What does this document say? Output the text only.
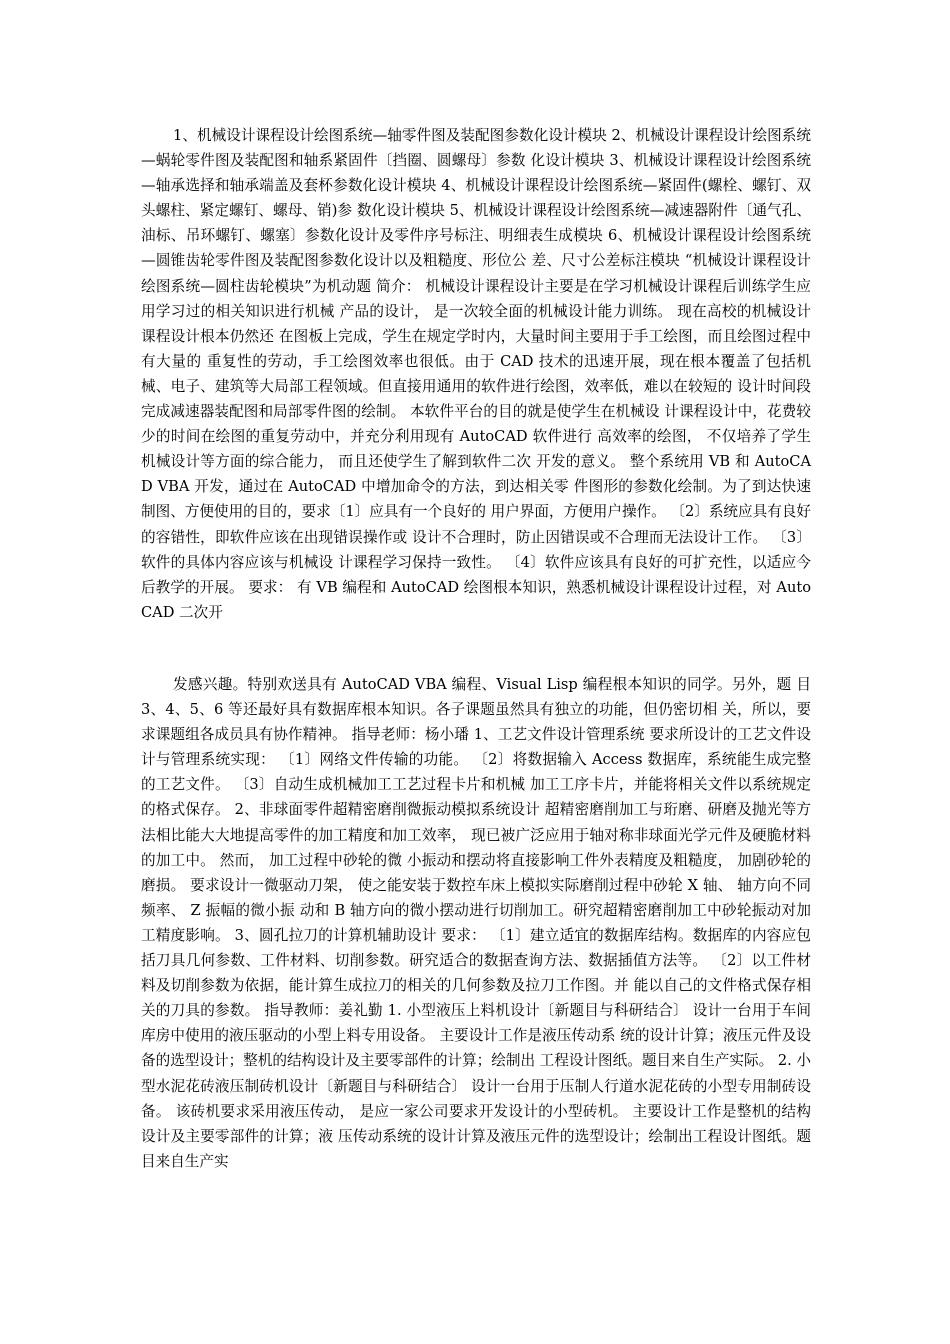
1、机械设计课程设计绘图系统—轴零件图及装配图参数化设计模块 2、机械设计课程设计绘图系统—蜗轮零件图及装配图和轴系紧固件〔挡圈、圆螺母〕参数 化设计模块 3、机械设计课程设计绘图系统—轴承选择和轴承端盖及套杯参数化设计模块 4、机械设计课程设计绘图系统—紧固件(螺栓、螺钉、双头螺柱、紧定螺钉、螺母、销)参 数化设计模块 5、机械设计课程设计绘图系统—减速器附件〔通气孔、油标、吊环螺钉、螺塞〕参数化设计及零件序号标注、明细表生成模块 6、机械设计课程设计绘图系统—圆锥齿轮零件图及装配图参数化设计以及粗糙度、形位公 差、尺寸公差标注模块 “机械设计课程设计绘图系统—圆柱齿轮模块”为机动题 简介： 机械设计课程设计主要是在学习机械设计课程后训练学生应用学习过的相关知识进行机械 产品的设计， 是一次较全面的机械设计能力训练。 现在高校的机械设计课程设计根本仍然还 在图板上完成，学生在规定学时内，大量时间主要用于手工绘图，而且绘图过程中有大量的 重复性的劳动，手工绘图效率也很低。由于 CAD 技术的迅速开展，现在根本覆盖了包括机 械、电子、建筑等大局部工程领域。但直接用通用的软件进行绘图，效率低，难以在较短的 设计时间段完成减速器装配图和局部零件图的绘制。 本软件平台的目的就是使学生在机械设 计课程设计中，花费较少的时间在绘图的重复劳动中，并充分利用现有 AutoCAD 软件进行 高效率的绘图， 不仅培养了学生机械设计等方面的综合能力， 而且还使学生了解到软件二次 开发的意义。 整个系统用 VB 和 AutoCAD VBA 开发，通过在 AutoCAD 中增加命令的方法，到达相关零 件图形的参数化绘制。为了到达快速制图、方便使用的目的，要求〔1〕应具有一个良好的 用户界面，方便用户操作。 〔2〕系统应具有良好的容错性，即软件应该在出现错误操作或 设计不合理时，防止因错误或不合理而无法设计工作。 〔3〕软件的具体内容应该与机械设 计课程学习保持一致性。 〔4〕软件应该具有良好的可扩充性，以适应今后教学的开展。 要求： 有 VB 编程和 AutoCAD 绘图根本知识，熟悉机械设计课程设计过程，对 AutoCAD 二次开

发感兴趣。特别欢送具有 AutoCAD VBA 编程、Visual Lisp 编程根本知识的同学。另外，题 目 3、4、5、6 等还最好具有数据库根本知识。各子课题虽然具有独立的功能，但仍密切相 关，所以，要求课题组各成员具有协作精神。 指导老师：杨小璠 1、工艺文件设计管理系统 要求所设计的工艺文件设计与管理系统实现： 〔1〕网络文件传输的功能。 〔2〕将数据输入 Access 数据库，系统能生成完整的工艺文件。 〔3〕自动生成机械加工工艺过程卡片和机械 加工工序卡片，并能将相关文件以系统规定的格式保存。 2、非球面零件超精密磨削微振动模拟系统设计 超精密磨削加工与珩磨、研磨及抛光等方法相比能大大地提高零件的加工精度和加工效率， 现已被广泛应用于轴对称非球面光学元件及硬脆材料的加工中。 然而， 加工过程中砂轮的微 小振动和摆动将直接影响工件外表精度及粗糙度， 加剧砂轮的磨损。 要求设计一微驱动刀架， 使之能安装于数控车床上模拟实际磨削过程中砂轮 X 轴、 轴方向不同频率、 Z 振幅的微小振 动和 B 轴方向的微小摆动进行切削加工。研究超精密磨削加工中砂轮振动对加工精度影响。 3、圆孔拉刀的计算机辅助设计 要求： 〔1〕建立适宜的数据库结构。数据库的内容应包括刀具几何参数、工件材料、切削参数。研究适合的数据查询方法、数据插值方法等。 〔2〕以工件材料及切削参数为依据，能计算生成拉刀的相关的几何参数及拉刀工作图。并 能以自己的文件格式保存相关的刀具的参数。 指导教师：姜礼勤 1. 小型液压上料机设计〔新题目与科研结合〕 设计一台用于车间库房中使用的液压驱动的小型上料专用设备。 主要设计工作是液压传动系 统的设计计算；液压元件及设备的选型设计；整机的结构设计及主要零部件的计算；绘制出 工程设计图纸。题目来自生产实际。 2. 小型水泥花砖液压制砖机设计〔新题目与科研结合〕 设计一台用于压制人行道水泥花砖的小型专用制砖设备。 该砖机要求采用液压传动， 是应一家公司要求开发设计的小型砖机。 主要设计工作是整机的结构设计及主要零部件的计算；液 压传动系统的设计计算及液压元件的选型设计；绘制出工程设计图纸。题目来自生产实
